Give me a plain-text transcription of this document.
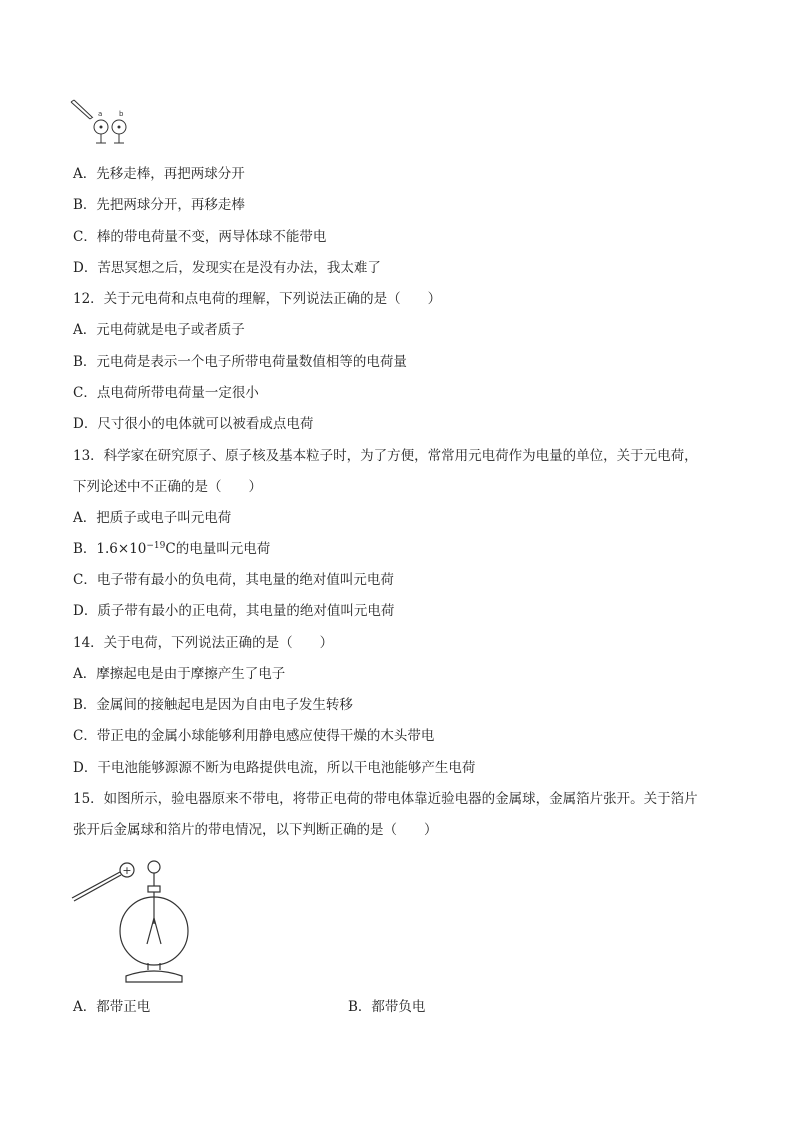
a b
A．先移走棒，再把两球分开
B．先把两球分开，再移走棒
C．棒的带电荷量不变，两导体球不能带电
D．苦思冥想之后，发现实在是没有办法，我太难了
12．关于元电荷和点电荷的理解，下列说法正确的是（　　）
A．元电荷就是电子或者质子
B．元电荷是表示一个电子所带电荷量数值相等的电荷量
C．点电荷所带电荷量一定很小
D．尺寸很小的电体就可以被看成点电荷
13．科学家在研究原子、原子核及基本粒子时，为了方便，常常用元电荷作为电量的单位，关于元电荷，
下列论述中不正确的是（　　）
A．把质子或电子叫元电荷
B．$1.6\times 10^{-19}C$的电量叫元电荷
C．电子带有最小的负电荷，其电量的绝对值叫元电荷
D．质子带有最小的正电荷，其电量的绝对值叫元电荷
14．关于电荷，下列说法正确的是（　　）
A．摩擦起电是由于摩擦产生了电子
B．金属间的接触起电是因为自由电子发生转移
C．带正电的金属小球能够利用静电感应使得干燥的木头带电
D．干电池能够源源不断为电路提供电流，所以干电池能够产生电荷
15．如图所示，验电器原来不带电，将带正电荷的带电体靠近验电器的金属球，金属箔片张开。关于箔片
张开后金属球和箔片的带电情况，以下判断正确的是（　　）
+
A．都带正电	B．都带负电
